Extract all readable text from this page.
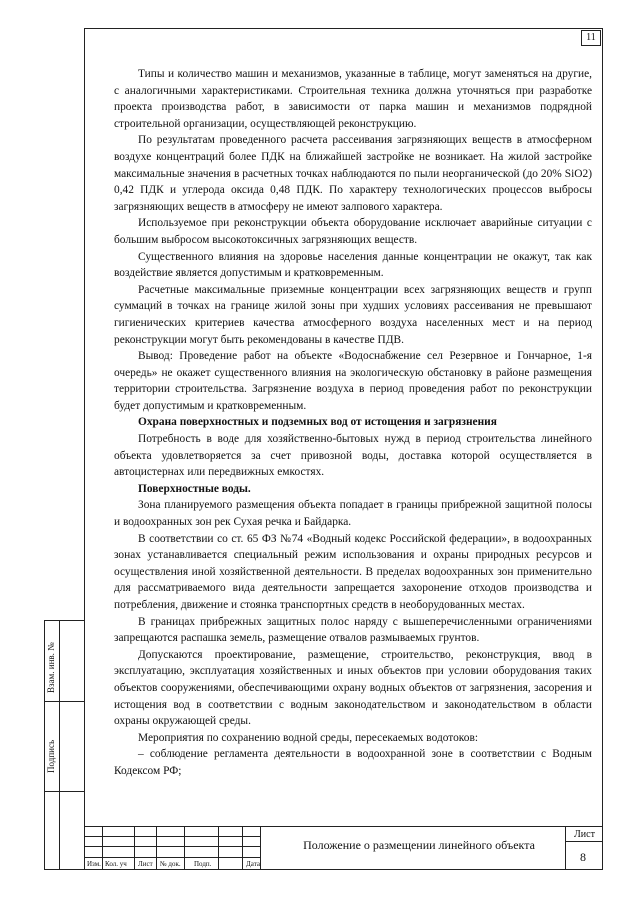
11

Типы и количество машин и механизмов, указанные в таблице, могут заменяться на другие, с аналогичными характеристиками. Строительная техника должна уточняться при разработке проекта производства работ, в зависимости от парка машин и механизмов подрядной строительной организации, осуществляющей реконструкцию.

По результатам проведенного расчета рассеивания загрязняющих веществ в атмосферном воздухе концентраций более ПДК на ближайшей застройке не возникает. На жилой застройке максимальные значения в расчетных точках наблюдаются по пыли неорганической (до 20% SiO2) 0,42 ПДК и углерода оксида 0,48 ПДК. По характеру технологических процессов выбросы загрязняющих веществ в атмосферу не имеют залпового характера.

Используемое при реконструкции объекта оборудование исключает аварийные ситуации с большим выбросом высокотоксичных загрязняющих веществ.

Существенного влияния на здоровье населения данные концентрации не окажут, так как воздействие является допустимым и кратковременным.

Расчетные максимальные приземные концентрации всех загрязняющих веществ и групп суммаций в точках на границе жилой зоны при худших условиях рассеивания не превышают гигиенических критериев качества атмосферного воздуха населенных мест и на период реконструкции могут быть рекомендованы в качестве ПДВ.

Вывод: Проведение работ на объекте «Водоснабжение сел Резервное и Гончарное, 1-я очередь» не окажет существенного влияния на экологическую обстановку в районе размещения территории строительства. Загрязнение воздуха в период проведения работ по реконструкции будет допустимым и кратковременным.

Охрана поверхностных и подземных вод от истощения и загрязнения

Потребность в воде для хозяйственно-бытовых нужд в период строительства линейного объекта удовлетворяется за счет привозной воды, доставка которой осуществляется в автоцистернах или передвижных емкостях.

Поверхностные воды.

Зона планируемого размещения объекта попадает в границы прибрежной защитной полосы и водоохранных зон рек Сухая речка и Байдарка.

В соответствии со ст. 65 ФЗ №74 «Водный кодекс Российской федерации», в водоохранных зонах устанавливается специальный режим использования и охраны природных ресурсов и осуществления иной хозяйственной деятельности. В пределах водоохранных зон применительно для рассматриваемого вида деятельности запрещается захоронение отходов производства и потребления, движение и стоянка транспортных средств в необорудованных местах.

В границах прибрежных защитных полос наряду с вышеперечисленными ограничениями запрещаются распашка земель, размещение отвалов размываемых грунтов.

Допускаются проектирование, размещение, строительство, реконструкция, ввод в эксплуатацию, эксплуатация хозяйственных и иных объектов при условии оборудования таких объектов сооружениями, обеспечивающими охрану водных объектов от загрязнения, засорения и истощения вод в соответствии с водным законодательством и законодательством в области охраны окружающей среды.

Мероприятия по сохранению водной среды, пересекаемых водотоков:

– соблюдение регламента деятельности в водоохранной зоне в соответствии с Водным Кодексом РФ;

Взам. инв. №
Подпись
Изм. Кол. уч Лист № док. Подп.	Дата
Положение о размещении линейного объекта
Лист
8
